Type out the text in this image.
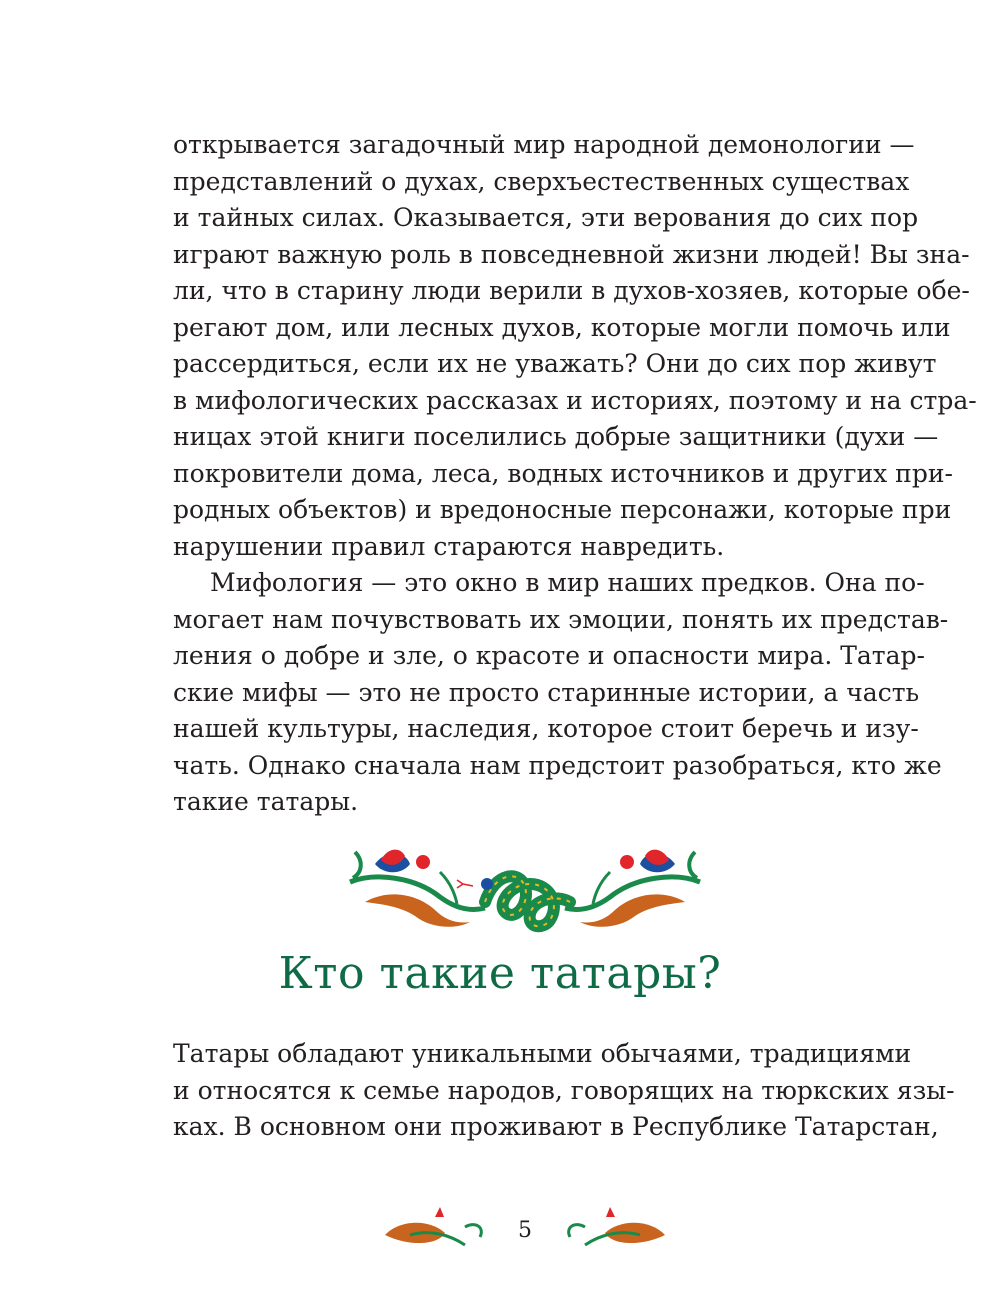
открывается загадочный мир народной демонологии —
представлений о духах, сверхъестественных существах
и тайных силах. Оказывается, эти верования до сих пор
играют важную роль в повседневной жизни людей! Вы зна-
ли, что в старину люди верили в духов-хозяев, которые обе-
регают дом, или лесных духов, которые могли помочь или
рассердиться, если их не уважать? Они до сих пор живут
в мифологических рассказах и историях, поэтому и на стра-
ницах этой книги поселились добрые защитники (духи —
покровители дома, леса, водных источников и других при-
родных объектов) и вредоносные персонажи, которые при
нарушении правил стараются навредить.
Мифология — это окно в мир наших предков. Она по-
могает нам почувствовать их эмоции, понять их представ-
ления о добре и зле, о красоте и опасности мира. Татар-
ские мифы — это не просто старинные истории, а часть
нашей культуры, наследия, которое стоит беречь и изу-
чать. Однако сначала нам предстоит разобраться, кто же
такие татары.
Кто такие татары?
Татары обладают уникальными обычаями, традициями
и относятся к семье народов, говорящих на тюркских язы-
ках. В основном они проживают в Республике Татарстан,
5
